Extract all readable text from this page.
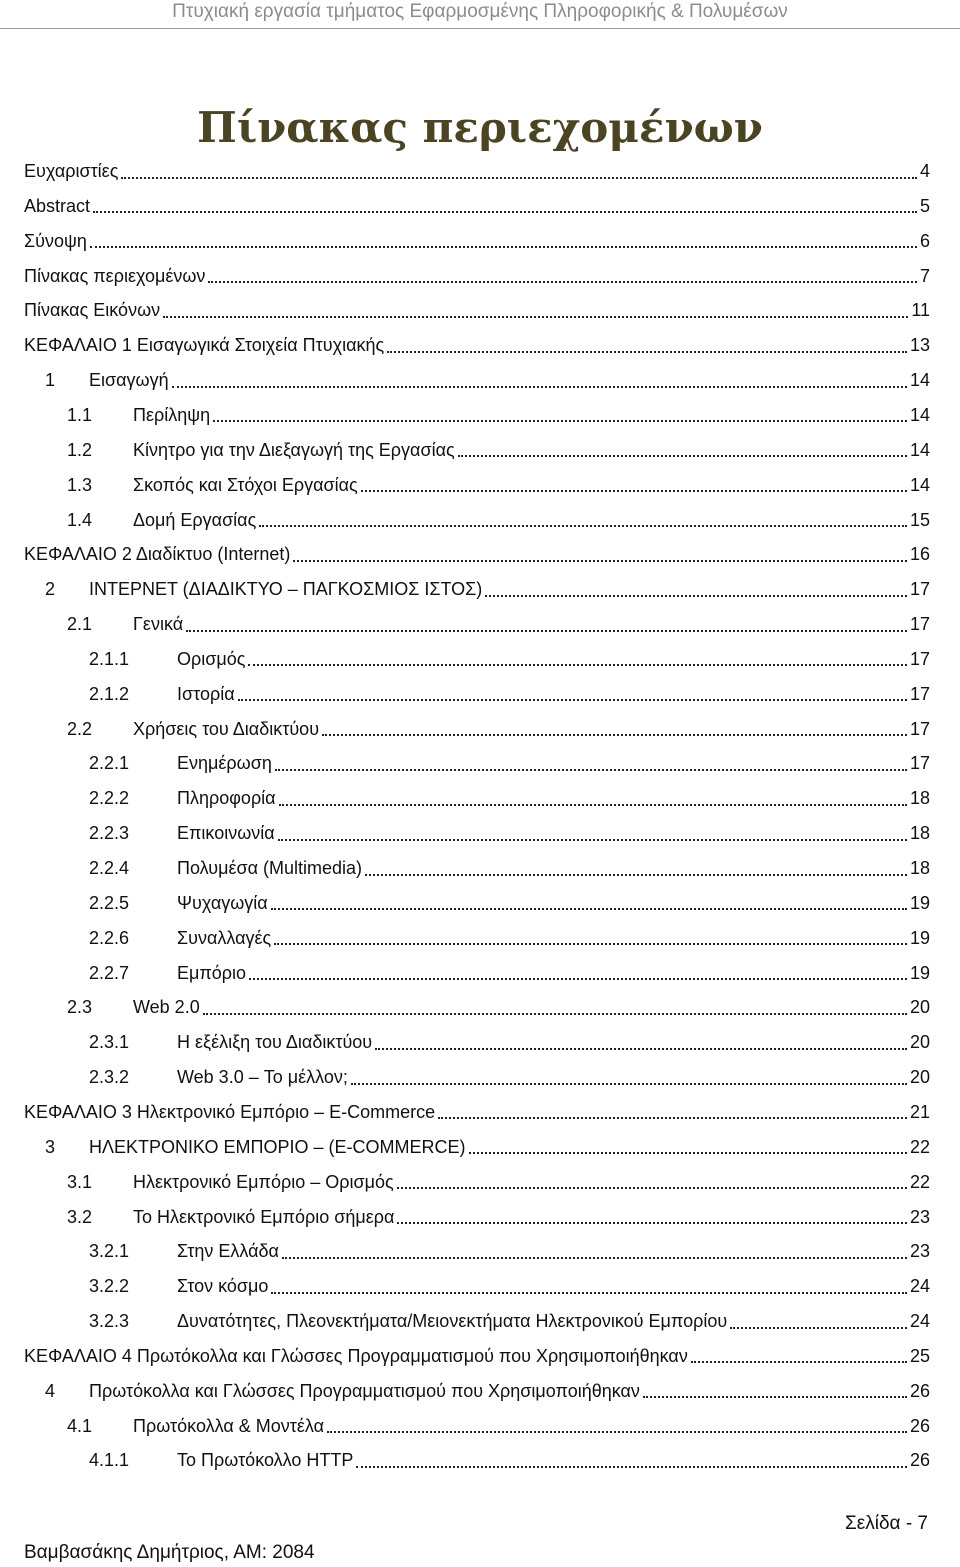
Πτυχιακή εργασία τμήματος Εφαρμοσμένης Πληροφορικής & Πολυμέσων
Πίνακας περιεχομένων
Ευχαριστίες	4
Abstract	5
Σύνοψη	6
Πίνακας περιεχομένων	7
Πίνακας Εικόνων	11
ΚΕΦΑΛΑΙΟ 1 Εισαγωγικά Στοιχεία Πτυχιακής	13
1	Εισαγωγή	14
1.1	Περίληψη	14
1.2	Κίνητρο για την Διεξαγωγή της Εργασίας	14
1.3	Σκοπός και Στόχοι Εργασίας	14
1.4	Δομή Εργασίας	15
ΚΕΦΑΛΑΙΟ 2 Διαδίκτυο (Internet)	16
2	ΙΝΤΕΡΝΕΤ (ΔΙΑΔΙΚΤΥΟ – ΠΑΓΚΟΣΜΙΟΣ ΙΣΤΟΣ)	17
2.1	Γενικά	17
2.1.1	Ορισμός	17
2.1.2	Ιστορία	17
2.2	Χρήσεις του Διαδικτύου	17
2.2.1	Ενημέρωση	17
2.2.2	Πληροφορία	18
2.2.3	Επικοινωνία	18
2.2.4	Πολυμέσα (Multimedia)	18
2.2.5	Ψυχαγωγία	19
2.2.6	Συναλλαγές	19
2.2.7	Εμπόριο	19
2.3	Web 2.0	20
2.3.1	Η εξέλιξη του Διαδικτύου	20
2.3.2	Web 3.0 – Το μέλλον;	20
ΚΕΦΑΛΑΙΟ 3 Ηλεκτρονικό Εμπόριο – E-Commerce	21
3	ΗΛΕΚΤΡΟΝΙΚΟ ΕΜΠΟΡΙΟ – (E-COMMERCE)	22
3.1	Ηλεκτρονικό Εμπόριο – Ορισμός	22
3.2	Το Ηλεκτρονικό Εμπόριο σήμερα	23
3.2.1	Στην Ελλάδα	23
3.2.2	Στον κόσμο	24
3.2.3	Δυνατότητες, Πλεονεκτήματα/Μειονεκτήματα Ηλεκτρονικού Εμπορίου	24
ΚΕΦΑΛΑΙΟ 4 Πρωτόκολλα και Γλώσσες Προγραμματισμού που Χρησιμοποιήθηκαν	25
4	Πρωτόκολλα και Γλώσσες Προγραμματισμού που Χρησιμοποιήθηκαν	26
4.1	Πρωτόκολλα & Μοντέλα	26
4.1.1	Το Πρωτόκολλο HTTP	26
Σελίδα - 7
Βαμβασάκης Δημήτριος, ΑΜ: 2084
